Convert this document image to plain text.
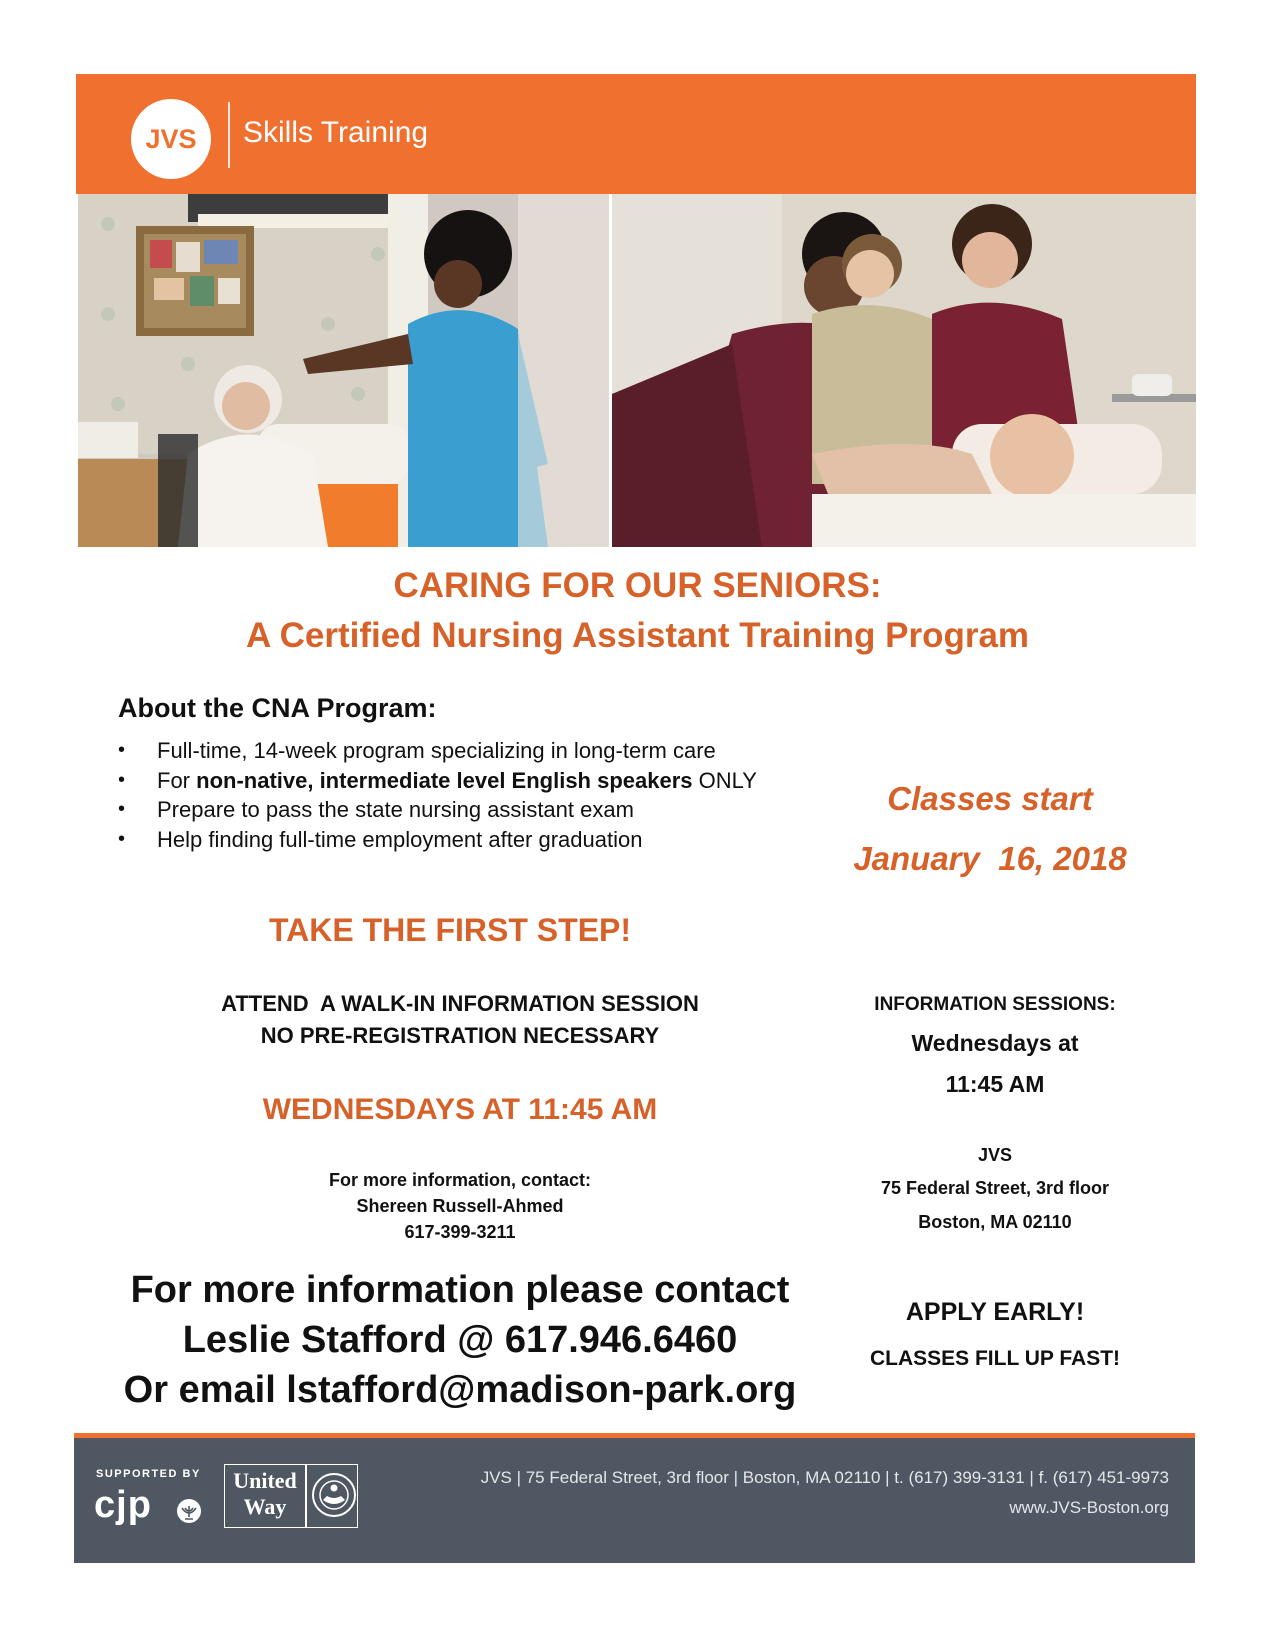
JVS Skills Training
CARING FOR OUR SENIORS:
A Certified Nursing Assistant Training Program
About the CNA Program:
• Full-time, 14-week program specializing in long-term care
• For non-native, intermediate level English speakers ONLY
• Prepare to pass the state nursing assistant exam
• Help finding full-time employment after graduation
Classes start
January  16, 2018
TAKE THE FIRST STEP!
ATTEND  A WALK-IN INFORMATION SESSION
NO PRE-REGISTRATION NECESSARY
WEDNESDAYS AT 11:45 AM
For more information, contact:
Shereen Russell-Ahmed
617-399-3211
For more information please contact
Leslie Stafford @ 617.946.6460
Or email lstafford@madison-park.org
INFORMATION SESSIONS:
Wednesdays at
11:45 AM
JVS
75 Federal Street, 3rd floor
Boston, MA 02110
APPLY EARLY!
CLASSES FILL UP FAST!
SUPPORTED BY
cjp
United Way
JVS | 75 Federal Street, 3rd floor | Boston, MA 02110 | t. (617) 399-3131 | f. (617) 451-9973
www.JVS-Boston.org
